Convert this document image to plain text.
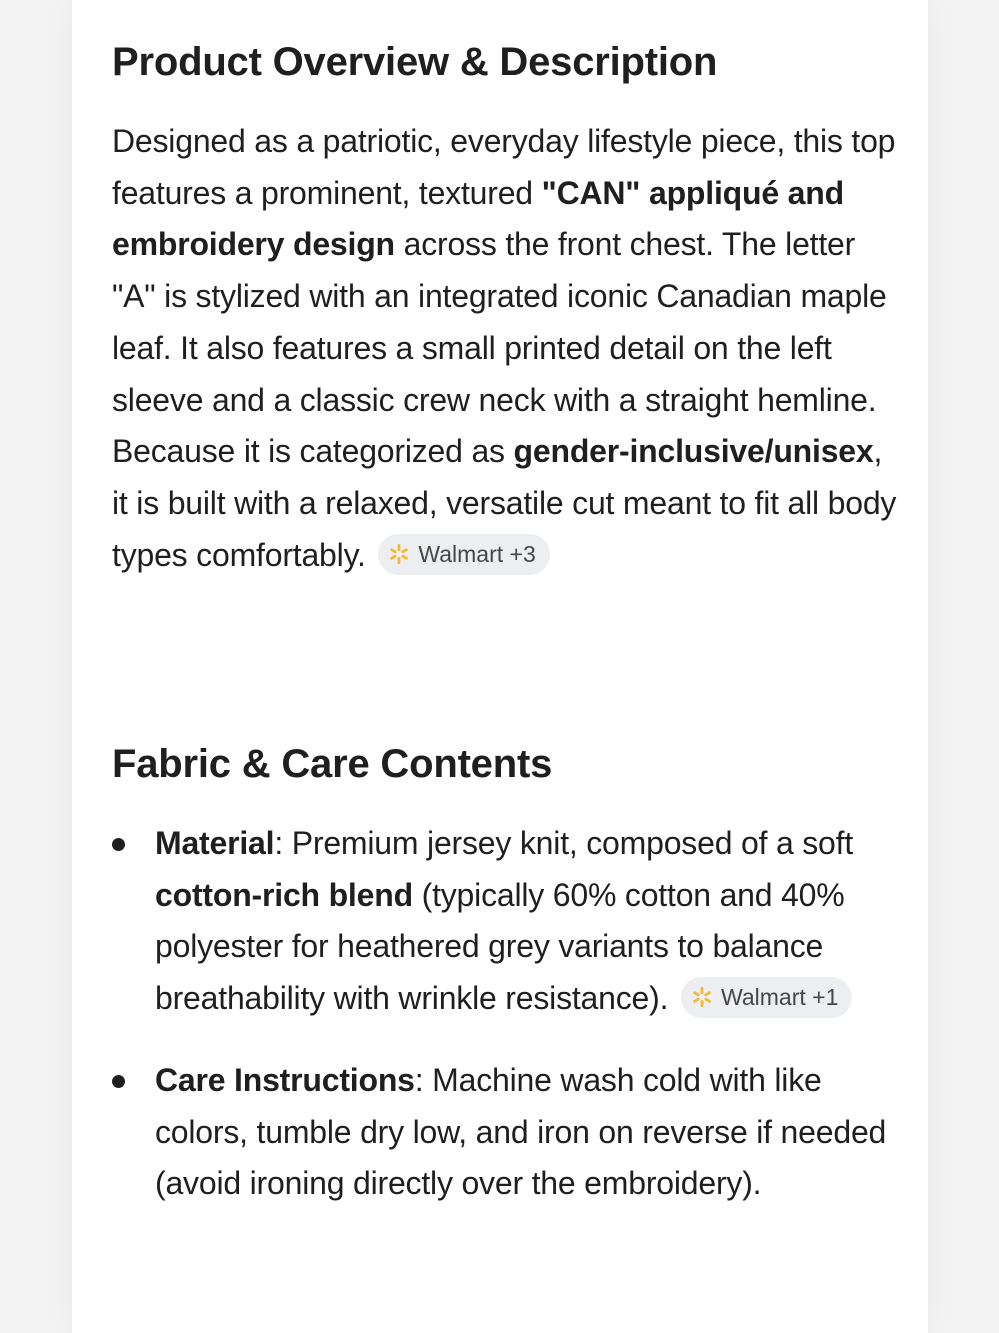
Product Overview & Description

Designed as a patriotic, everyday lifestyle piece, this top features a prominent, textured "CAN" appliqué and embroidery design across the front chest. The letter "A" is stylized with an integrated iconic Canadian maple leaf. It also features a small printed detail on the left sleeve and a classic crew neck with a straight hemline. Because it is categorized as gender-inclusive/unisex, it is built with a relaxed, versatile cut meant to fit all body types comfortably. Walmart +3

Fabric & Care Contents
Material: Premium jersey knit, composed of a soft cotton-rich blend (typically 60% cotton and 40% polyester for heathered grey variants to balance breathability with wrinkle resistance). Walmart +1
Care Instructions: Machine wash cold with like colors, tumble dry low, and iron on reverse if needed (avoid ironing directly over the embroidery).
